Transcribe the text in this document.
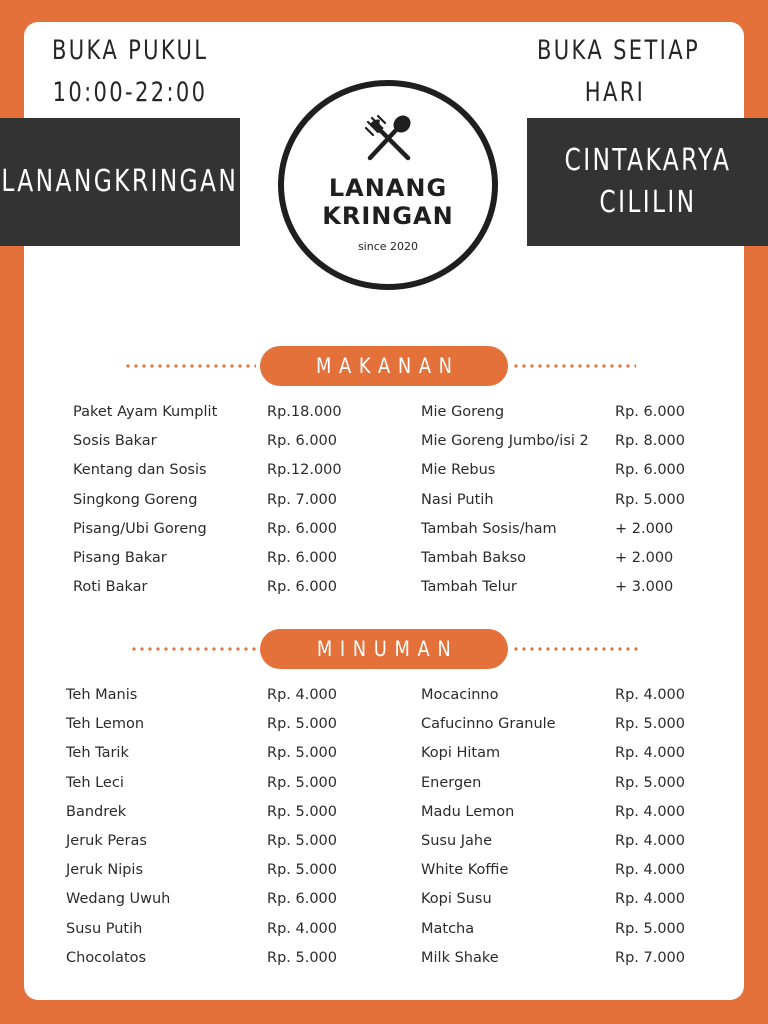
BUKA PUKUL
10:00-22:00
BUKA SETIAP
HARI
LANANGKRINGAN
CINTAKARYA
CILILIN
LANANG
KRINGAN
since 2020
MAKANAN
MINUMAN
Paket Ayam Kumplit	Rp.18.000
Sosis Bakar	Rp. 6.000
Kentang dan Sosis	Rp.12.000
Singkong Goreng	Rp. 7.000
Pisang/Ubi Goreng	Rp. 6.000
Pisang Bakar	Rp. 6.000
Roti Bakar	Rp. 6.000
Mie Goreng	Rp. 6.000
Mie Goreng Jumbo/isi 2 Rp. 8.000
Mie Rebus	Rp. 6.000
Nasi Putih	Rp. 5.000
Tambah Sosis/ham	+ 2.000
Tambah Bakso	+ 2.000
Tambah Telur	+ 3.000
Teh Manis	Rp. 4.000
Teh Lemon	Rp. 5.000
Teh Tarik	Rp. 5.000
Teh Leci	Rp. 5.000
Bandrek	Rp. 5.000
Jeruk Peras	Rp. 5.000
Jeruk Nipis	Rp. 5.000
Wedang Uwuh	Rp. 6.000
Susu Putih	Rp. 4.000
Chocolatos	Rp. 5.000
Mocacinno	Rp. 4.000
Cafucinno Granule	Rp. 5.000
Kopi Hitam	Rp. 4.000
Energen	Rp. 5.000
Madu Lemon	Rp. 4.000
Susu Jahe	Rp. 4.000
White Koffie	Rp. 4.000
Kopi Susu	Rp. 4.000
Matcha	Rp. 5.000
Milk Shake	Rp. 7.000
